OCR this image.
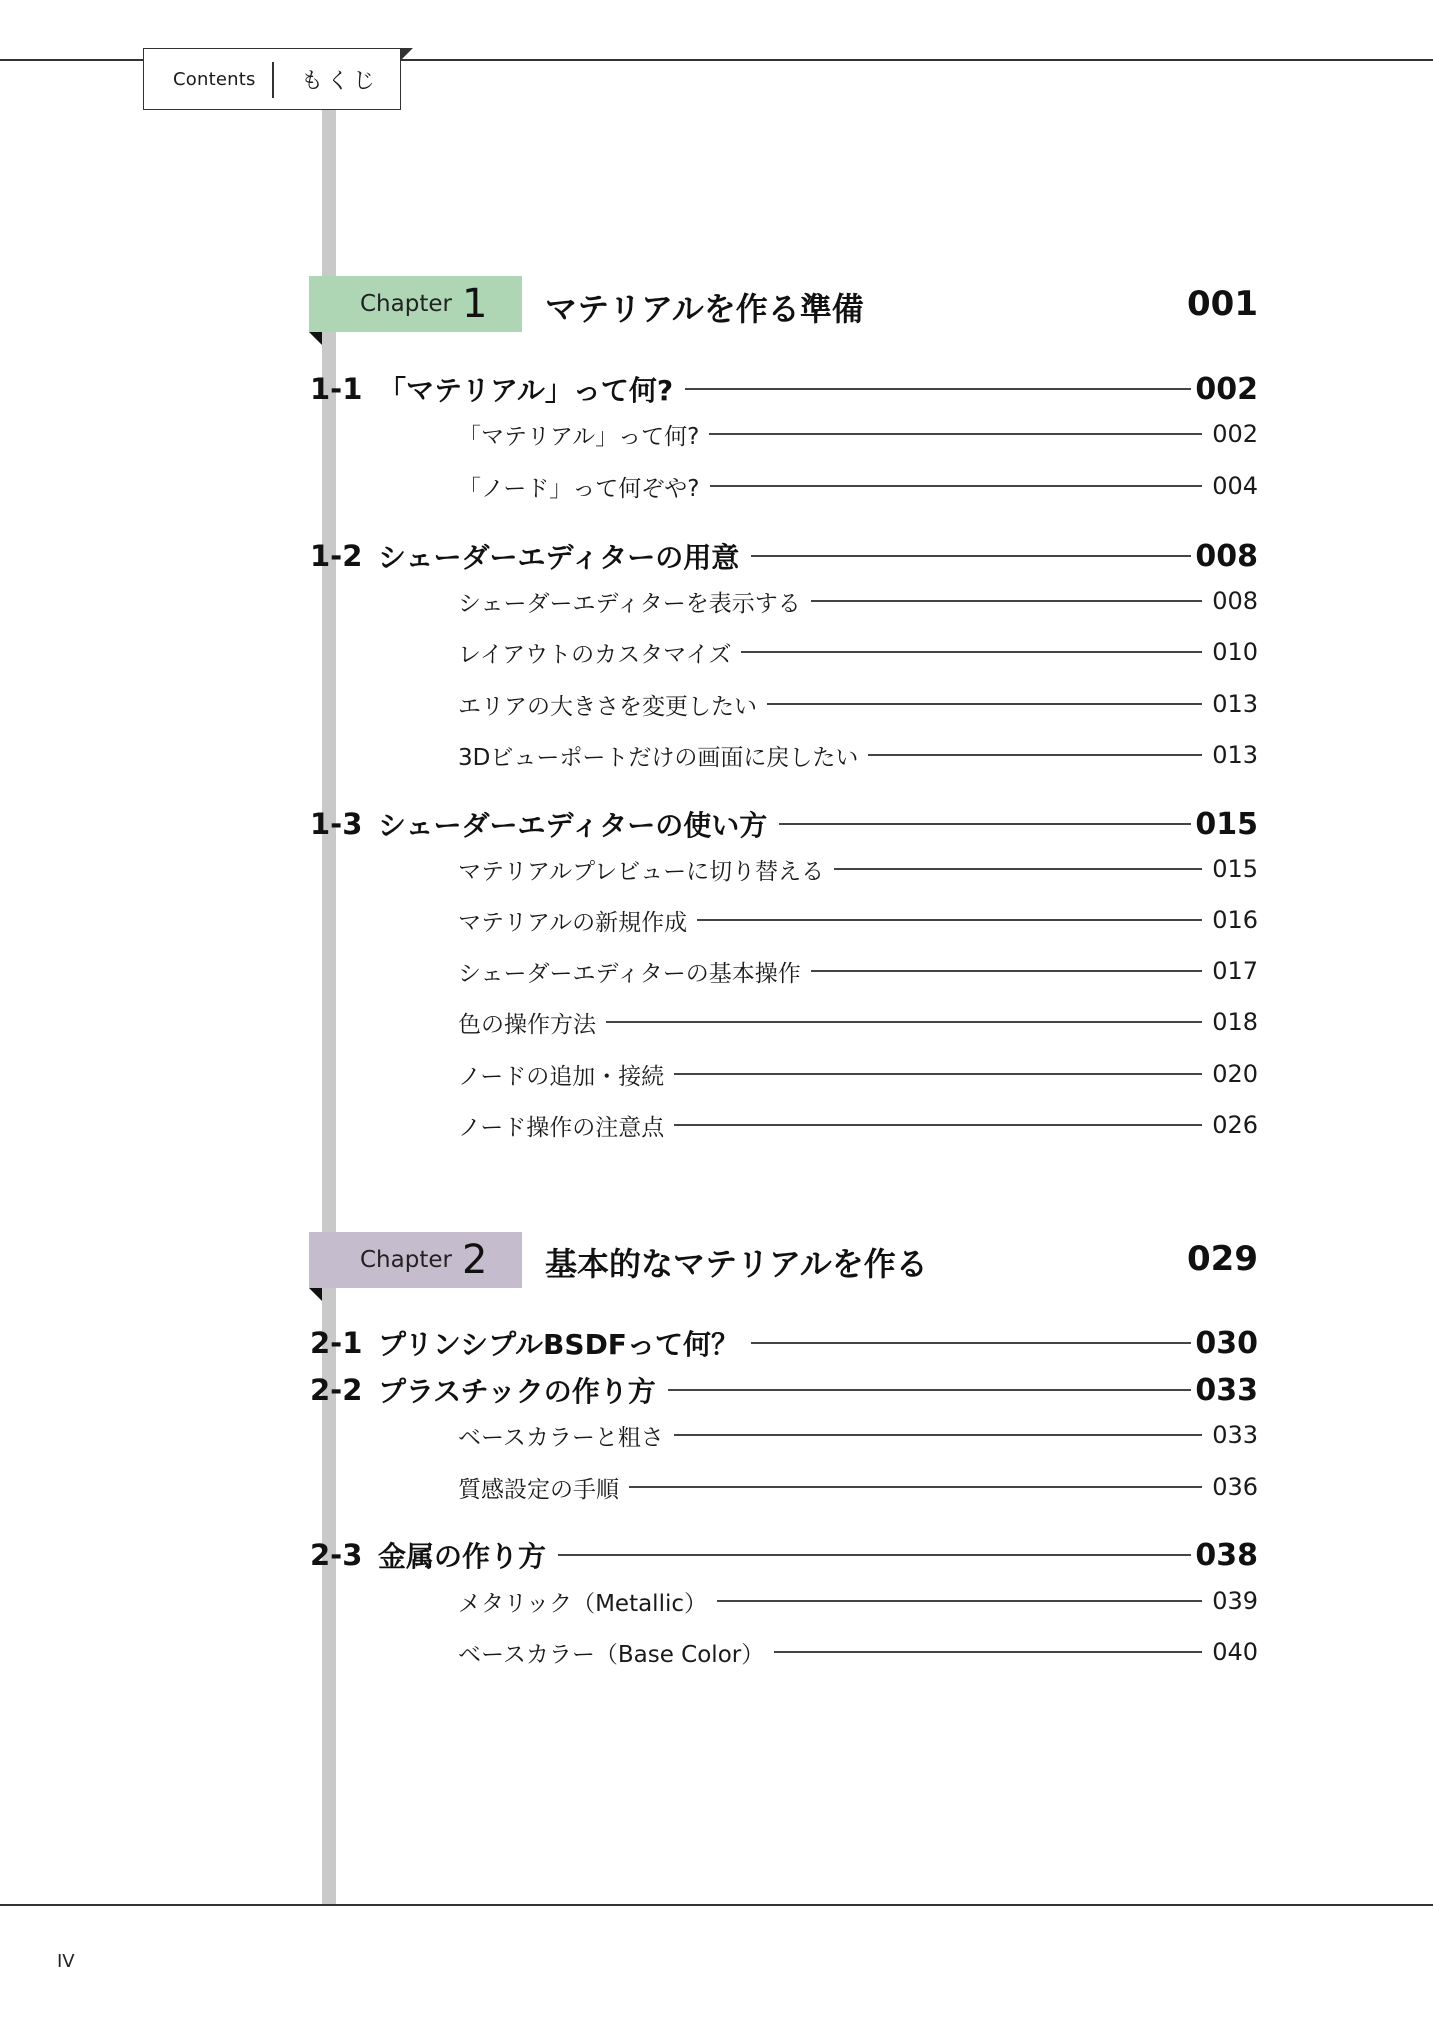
Contents もくじ
Chapter 1 マテリアルを作る準備	001
1-1 「マテリアル」って何?	002
「マテリアル」って何?	002
「ノード」って何ぞや?	004
1-2 シェーダーエディターの用意	008
シェーダーエディターを表示する	008
レイアウトのカスタマイズ	010
エリアの大きさを変更したい	013
3Dビューポートだけの画面に戻したい	013
1-3 シェーダーエディターの使い方	015
マテリアルプレビューに切り替える	015
マテリアルの新規作成	016
シェーダーエディターの基本操作	017
色の操作方法	018
ノードの追加・接続	020
ノード操作の注意点	026
Chapter 2 基本的なマテリアルを作る	029
2-1 プリンシプルBSDFって何？	030
2-2 プラスチックの作り方	033
ベースカラーと粗さ	033
質感設定の手順	036
2-3 金属の作り方	038
メタリック（Metallic）	039
ベースカラー（Base Color）	040
IV
